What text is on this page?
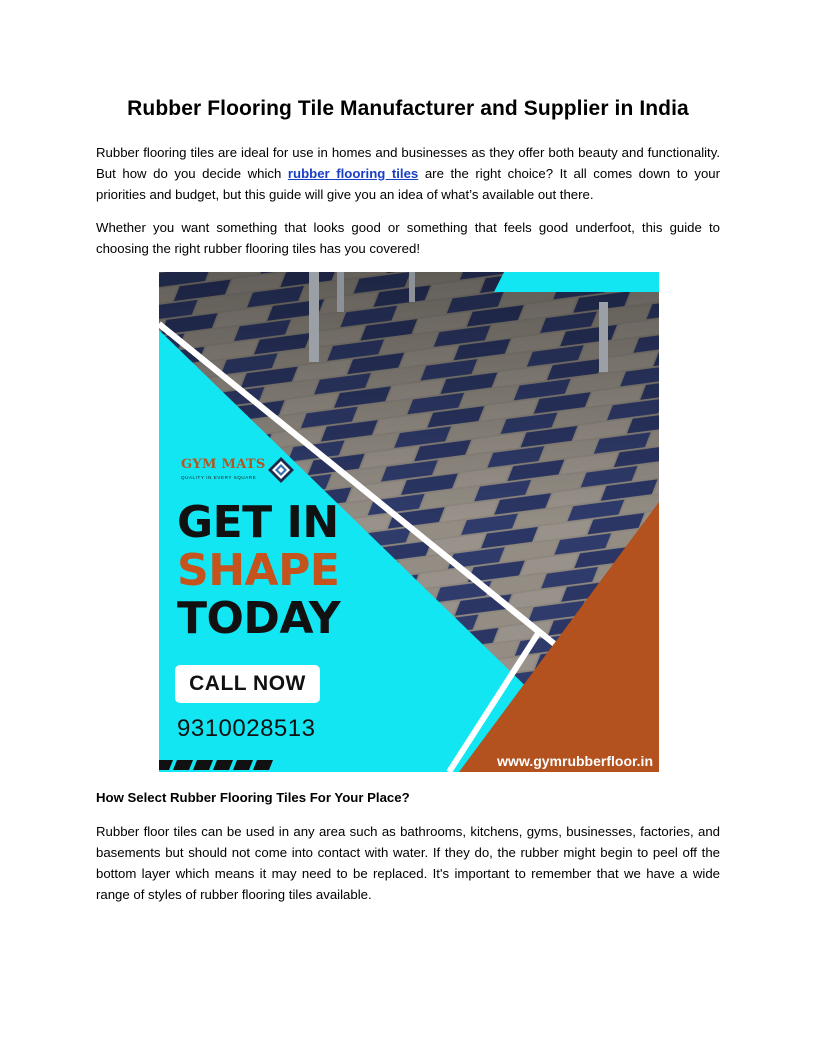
Rubber Flooring Tile Manufacturer and Supplier in India

Rubber flooring tiles are ideal for use in homes and businesses as they offer both beauty and functionality. But how do you decide which rubber flooring tiles are the right choice? It all comes down to your priorities and budget, but this guide will give you an idea of what’s available out there.

Whether you want something that looks good or something that feels good underfoot, this guide to choosing the right rubber flooring tiles has you covered!

GYM MATS
QUALITY IN EVERY SQUARE
GET IN
SHAPE
TODAY
CALL NOW
9310028513
www.gymrubberfloor.in
How Select Rubber Flooring Tiles For Your Place?

Rubber floor tiles can be used in any area such as bathrooms, kitchens, gyms, businesses, factories, and basements but should not come into contact with water. If they do, the rubber might begin to peel off the bottom layer which means it may need to be replaced. It's important to remember that we have a wide range of styles of rubber flooring tiles available.
